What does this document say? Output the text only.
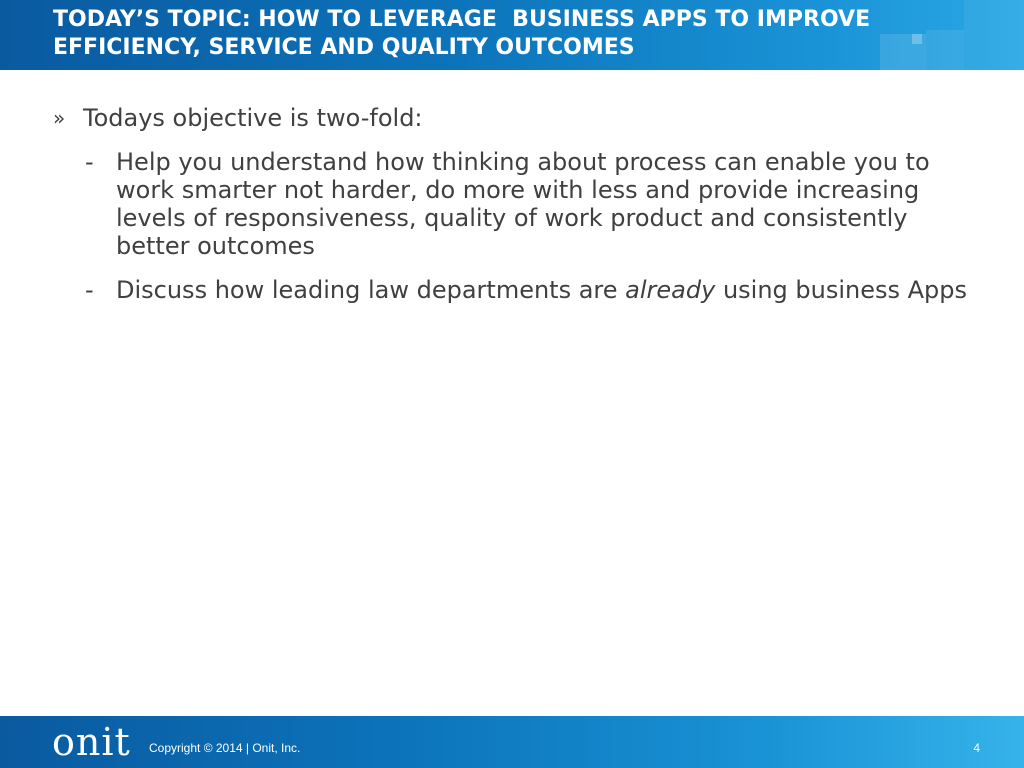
TODAY’S TOPIC: HOW TO LEVERAGE  BUSINESS APPS TO IMPROVE
EFFICIENCY, SERVICE AND QUALITY OUTCOMES
» Todays objective is two-fold:
- Help you understand how thinking about process can enable you to work smarter not harder, do more with less and provide increasing levels of responsiveness, quality of work product and consistently better outcomes
- Discuss how leading law departments are already using business Apps
onit Copyright © 2014 | Onit, Inc.	4
